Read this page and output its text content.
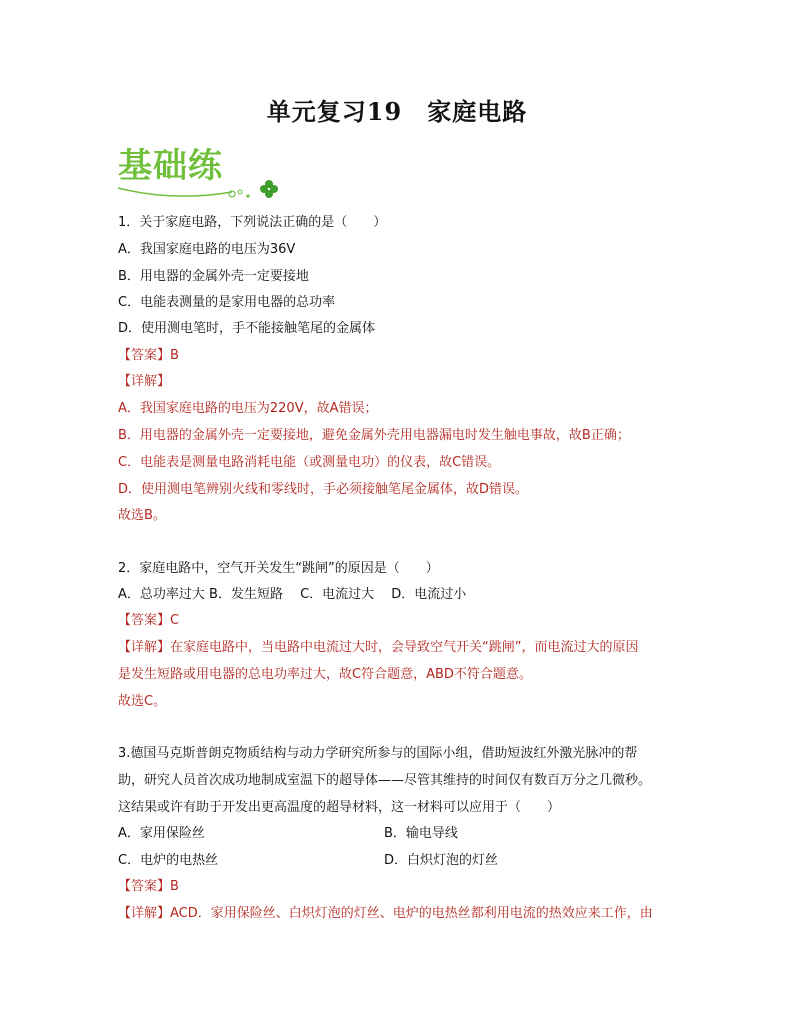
单元复习19　家庭电路
基础练
1．关于家庭电路，下列说法正确的是（　　）
A．我国家庭电路的电压为36V
B．用电器的金属外壳一定要接地
C．电能表测量的是家用电器的总功率
D．使用测电笔时，手不能接触笔尾的金属体
【答案】B
【详解】
A．我国家庭电路的电压为220V，故A错误；
B．用电器的金属外壳一定要接地，避免金属外壳用电器漏电时发生触电事故，故B正确；
C．电能表是测量电路消耗电能（或测量电功）的仪表，故C错误。
D．使用测电笔辨别火线和零线时，手必须接触笔尾金属体，故D错误。
故选B。
2．家庭电路中，空气开关发生“跳闸”的原因是（　　）
A．总功率过大 B．发生短路　 C．电流过大　 D．电流过小
【答案】C
【详解】在家庭电路中，当电路中电流过大时，会导致空气开关“跳闸”，而电流过大的原因
是发生短路或用电器的总电功率过大，故C符合题意，ABD不符合题意。
故选C。
3.德国马克斯普朗克物质结构与动力学研究所参与的国际小组，借助短波红外激光脉冲的帮
助，研究人员首次成功地制成室温下的超导体——尽管其维持的时间仅有数百万分之几微秒。
这结果或许有助于开发出更高温度的超导材料，这一材料可以应用于（　　）
A．家用保险丝	B．输电导线
C．电炉的电热丝	D．白炽灯泡的灯丝
【答案】B
【详解】ACD．家用保险丝、白炽灯泡的灯丝、电炉的电热丝都利用电流的热效应来工作，由
